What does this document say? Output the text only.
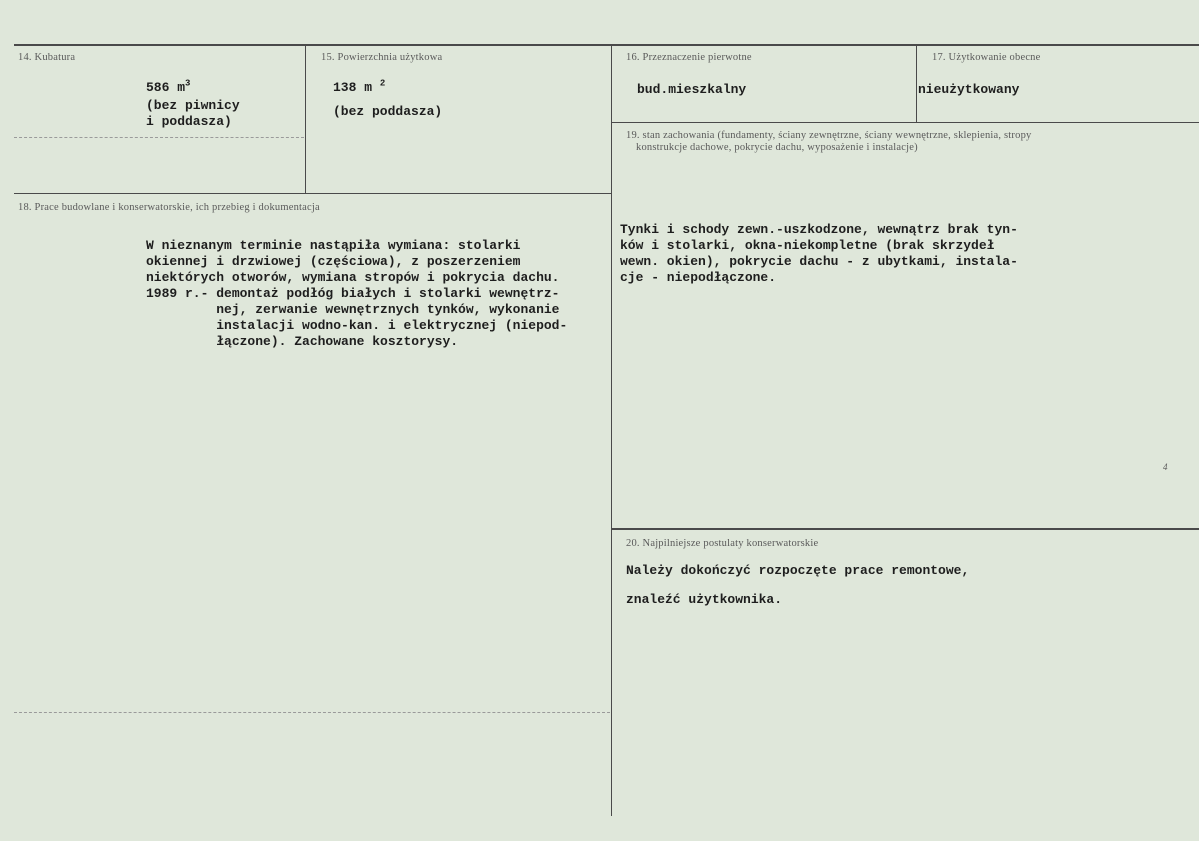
14. Kubatura
586 $m^3$
(bez piwnicy
i poddasza)
15. Powierzchnia użytkowa
138 m $^2$
(bez poddasza)
16. Przeznaczenie pierwotne
bud.mieszkalny
17. Użytkowanie obecne
nieużytkowany
19. stan zachowania (fundamenty, ściany zewnętrzne, ściany wewnętrzne, sklepienia, stropy
konstrukcje dachowe, pokrycie dachu, wyposażenie i instalacje)
Tynki i schody zewn.-uszkodzone, wewnątrz brak tyn-
ków i stolarki, okna-niekompletne (brak skrzydeł
wewn. okien), pokrycie dachu - z ubytkami, instala-
cje - niepodłączone.
18. Prace budowlane i konserwatorskie, ich przebieg i dokumentacja
W nieznanym terminie nastąpiła wymiana: stolarki
okiennej i drzwiowej (częściowa), z poszerzeniem
niektórych otworów, wymiana stropów i pokrycia dachu.
1989 r.- demontaż podłóg białych i stolarki wewnętrz-
nej, zerwanie wewnętrznych tynków, wykonanie
instalacji wodno-kan. i elektrycznej (niepod-
łączone). Zachowane kosztorysy.
20. Najpilniejsze postulaty konserwatorskie
Należy dokończyć rozpoczęte prace remontowe,
znaleźć użytkownika.
4
